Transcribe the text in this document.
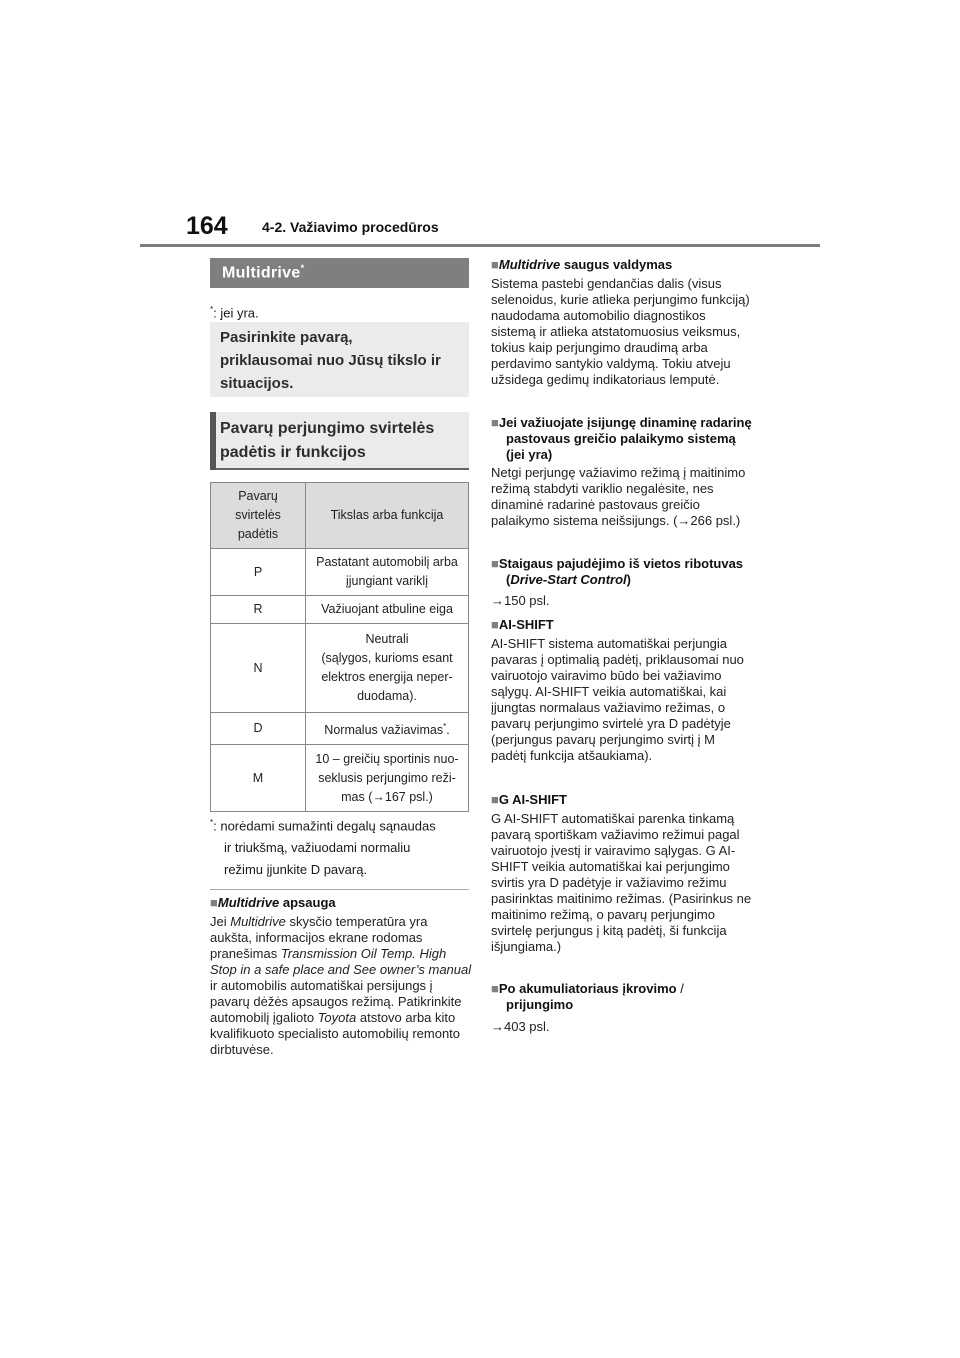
164 4-2. Važiavimo procedūros
Multidrive*
*: jei yra.
Pasirinkite pavarą,
priklausomai nuo Jūsų tikslo ir
situacijos.
Pavarų perjungimo svirtelės
padėtis ir funkcijos
Pavarų
svirtelės
padėtis	Tikslas arba funkcija
P	Pastatant automobilį arba
įjungiant variklį

R	Važiuojant atbuline eiga
N	Neutrali
(sąlygos, kurioms esant
elektros energija neper-
duodama).

D	Normalus važiavimas*.
M	10 – greičių sportinis nuo-
seklusis perjungimo reži-
mas (→167 psl.)
*: norėdami sumažinti degalų sąnaudas
ir triukšmą, važiuodami normaliu
režimu įjunkite D pavarą.
■Multidrive apsauga
Jei Multidrive skysčio temperatūra yra aukšta, informacijos ekrane rodomas pranešimas Transmission Oil Temp. High Stop in a safe place and See owner’s manual ir automobilis automatiškai persijungs į pavarų dėžės apsaugos režimą. Patikrinkite automobilį įgalioto Toyota atstovo arba kito kvalifikuoto specialisto automobilių remonto dirbtuvėse.
■Multidrive saugus valdymas
Sistema pastebi gendančias dalis (visus selenoidus, kurie atlieka perjungimo funkciją) naudodama automobilio diagnostikos sistemą ir atlieka atstatomuosius veiksmus, tokius kaip perjungimo draudimą arba perdavimo santykio valdymą. Tokiu atveju užsidega gedimų indikatoriaus lemputė.
■Jei važiuojate įsijungę dinaminę radarinę pastovaus greičio palaikymo sistemą (jei yra)
Netgi perjungę važiavimo režimą į maitinimo režimą stabdyti variklio negalėsite, nes dinaminė radarinė pastovaus greičio palaikymo sistema neišsijungs. (→266 psl.)
■Staigaus pajudėjimo iš vietos ribotuvas (Drive-Start Control)
→150 psl.
■AI-SHIFT
AI-SHIFT sistema automatiškai perjungia pavaras į optimalią padėtį, priklausomai nuo vairuotojo vairavimo būdo bei važiavimo sąlygų. AI-SHIFT veikia automatiškai, kai įjungtas normalaus važiavimo režimas, o pavarų perjungimo svirtelė yra D padėtyje (perjungus pavarų perjungimo svirtį į M padėtį funkcija atšaukiama).
■G AI-SHIFT
G AI-SHIFT automatiškai parenka tinkamą pavarą sportiškam važiavimo režimui pagal vairuotojo įvestį ir vairavimo sąlygas. G AI-SHIFT veikia automatiškai kai perjungimo svirtis yra D padėtyje ir važiavimo režimu pasirinktas maitinimo režimas. (Pasirinkus ne maitinimo režimą, o pavarų perjungimo svirtelę perjungus į kitą padėtį, ši funkcija išjungiama.)
■Po akumuliatoriaus įkrovimo / prijungimo
→403 psl.
